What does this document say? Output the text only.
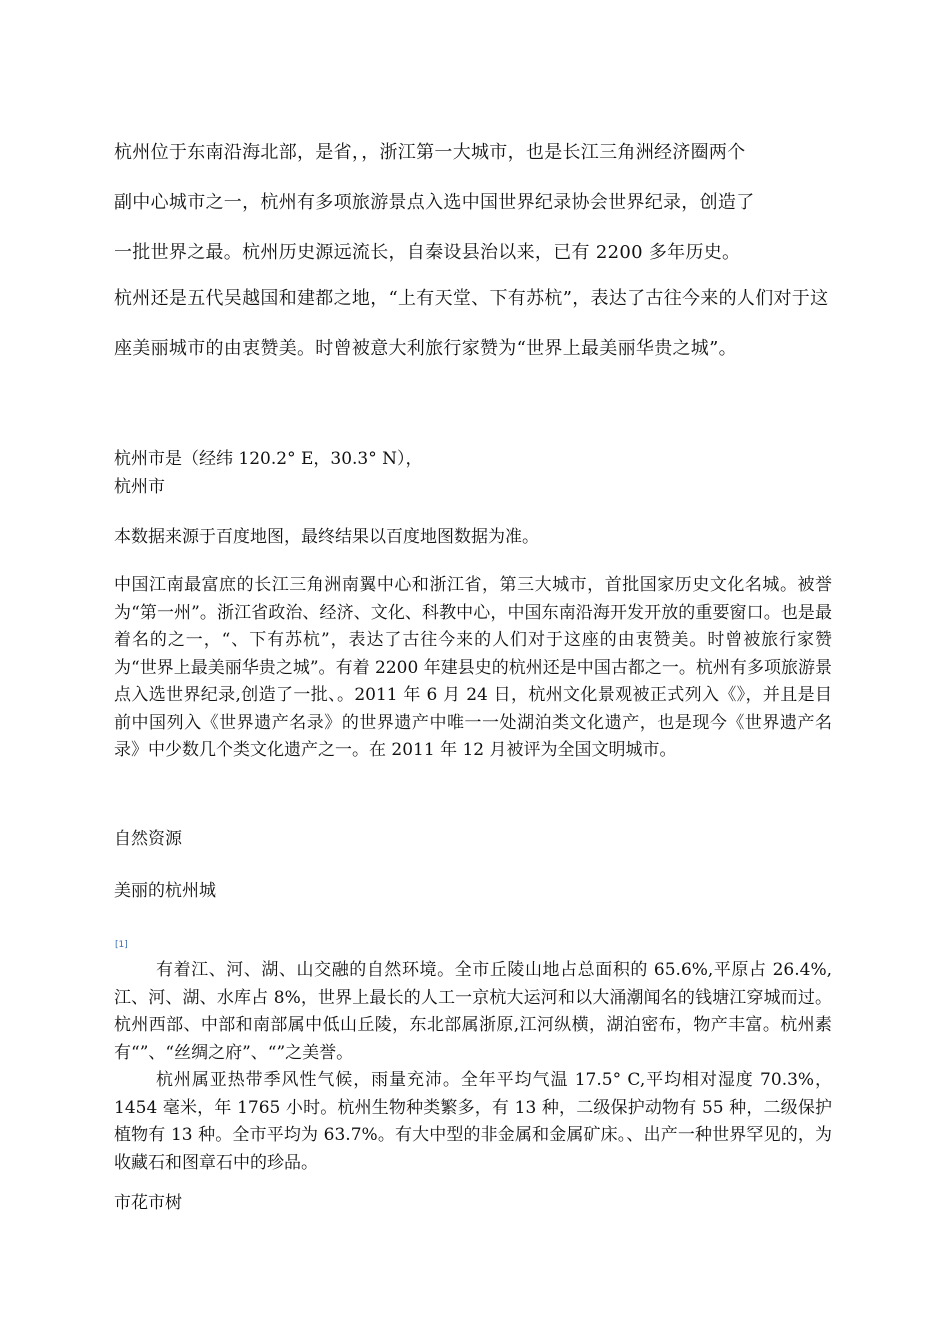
杭州位于东南沿海北部，是省，，浙江第一大城市，也是长江三角洲经济圈两个
副中心城市之一，杭州有多项旅游景点入选中国世界纪录协会世界纪录，创造了
一批世界之最。杭州历史源远流长，自秦设县治以来，已有 2200 多年历史。
杭州还是五代吴越国和建都之地，“上有天堂、下有苏杭”，表达了古往今来的人们对于这座美丽城市的由衷赞美。时曾被意大利旅行家赞为“世界上最美丽华贵之城”。
杭州市是（经纬 120.2° E，30.3° N），
杭州市
本数据来源于百度地图，最终结果以百度地图数据为准。
中国江南最富庶的长江三角洲南翼中心和浙江省，第三大城市，首批国家历史文化名城。被誉为“第一州”。浙江省政治、经济、文化、科教中心，中国东南沿海开发开放的重要窗口。也是最着名的之一，“、下有苏杭”，表达了古往今来的人们对于这座的由衷赞美。时曾被旅行家赞为“世界上最美丽华贵之城”。有着 2200 年建县史的杭州还是中国古都之一。杭州有多项旅游景点入选世界纪录,创造了一批、。2011 年 6 月 24 日，杭州文化景观被正式列入《》，并且是目前中国列入《世界遗产名录》的世界遗产中唯一一处湖泊类文化遗产，也是现今《世界遗产名录》中少数几个类文化遗产之一。在 2011 年 12 月被评为全国文明城市。
自然资源
美丽的杭州城
[1]

有着江、河、湖、山交融的自然环境。全市丘陵山地占总面积的 65.6%,平原占 26.4%,江、河、湖、水库占 8%，世界上最长的人工一京杭大运河和以大涌潮闻名的钱塘江穿城而过。杭州西部、中部和南部属中低山丘陵，东北部属浙原,江河纵横，湖泊密布，物产丰富。杭州素有“”、“丝绸之府”、“”之美誉。

杭州属亚热带季风性气候，雨量充沛。全年平均气温 17.5° C,平均相对湿度 70.3%，1454 毫米，年 1765 小时。杭州生物种类繁多，有 13 种，二级保护动物有 55 种，二级保护植物有 13 种。全市平均为 63.7%。有大中型的非金属和金属矿床。、出产一种世界罕见的，为收藏石和图章石中的珍品。

市花市树
